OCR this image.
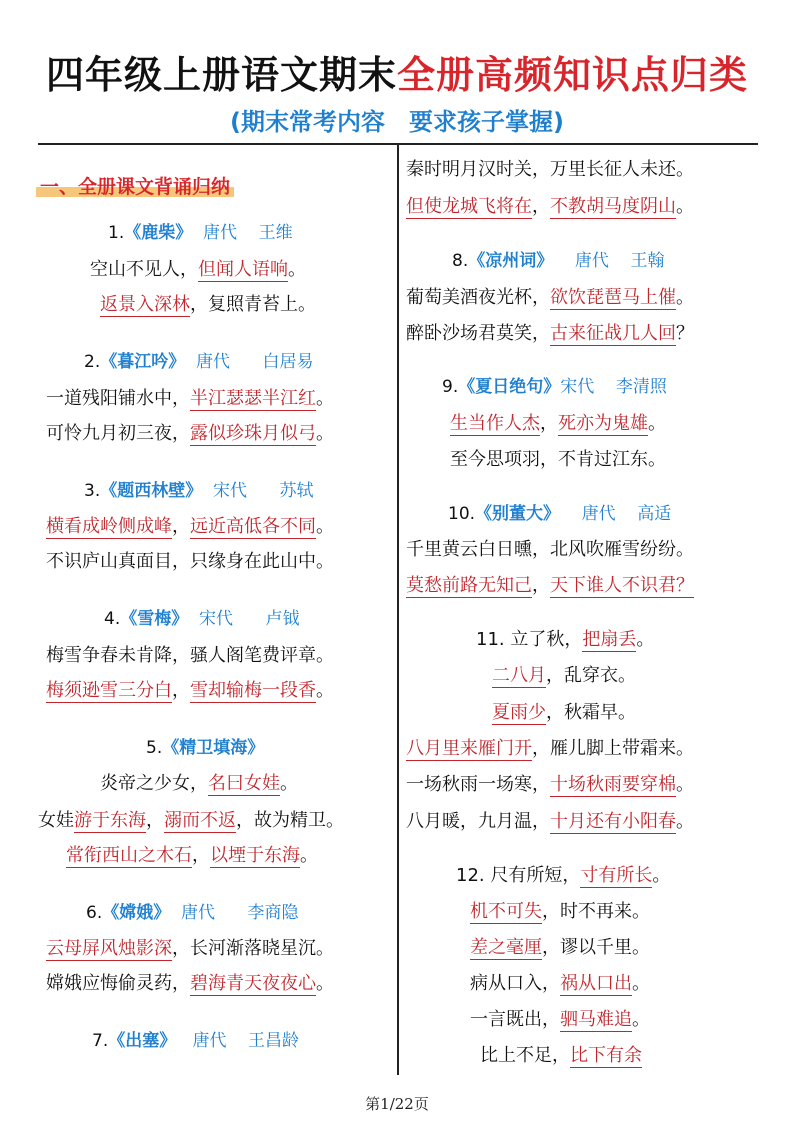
四年级上册语文期末全册高频知识点归类
(期末常考内容　要求孩子掌握)
一、全册课文背诵归纳
1.《鹿柴》  唐代    王维
空山不见人，但闻人语响。
返景入深林，复照青苔上。
2.《暮江吟》  唐代      白居易
一道残阳铺水中，半江瑟瑟半江红。
可怜九月初三夜，露似珍珠月似弓。
3.《题西林壁》  宋代      苏轼
横看成岭侧成峰，远近高低各不同。
不识庐山真面目，只缘身在此山中。
4.《雪梅》  宋代      卢钺
梅雪争春未肯降，骚人阁笔费评章。
梅须逊雪三分白，雪却输梅一段香。
5.《精卫填海》
炎帝之少女，名曰女娃。
女娃游于东海，溺而不返，故为精卫。
常衔西山之木石，以堙于东海。
6.《嫦娥》  唐代      李商隐
云母屏风烛影深，长河渐落晓星沉。
嫦娥应悔偷灵药，碧海青天夜夜心。
7.《出塞》   唐代    王昌龄
秦时明月汉时关，万里长征人未还。
但使龙城飞将在，不教胡马度阴山。
8.《凉州词》    唐代    王翰
葡萄美酒夜光杯，欲饮琵琶马上催。
醉卧沙场君莫笑，古来征战几人回？
9.《夏日绝句》宋代    李清照
生当作人杰，死亦为鬼雄。
至今思项羽，不肯过江东。
10.《别董大》    唐代    高适
千里黄云白日曛，北风吹雁雪纷纷。
莫愁前路无知己，天下谁人不识君？
11. 立了秋，把扇丢。
二八月，乱穿衣。
夏雨少，秋霜早。
八月里来雁门开，雁儿脚上带霜来。
一场秋雨一场寒，十场秋雨要穿棉。
八月暖，九月温，十月还有小阳春。
12. 尺有所短，寸有所长。
机不可失，时不再来。
差之毫厘，谬以千里。
病从口入，祸从口出。
一言既出，驷马难追。
比上不足，比下有余
第1/22页
